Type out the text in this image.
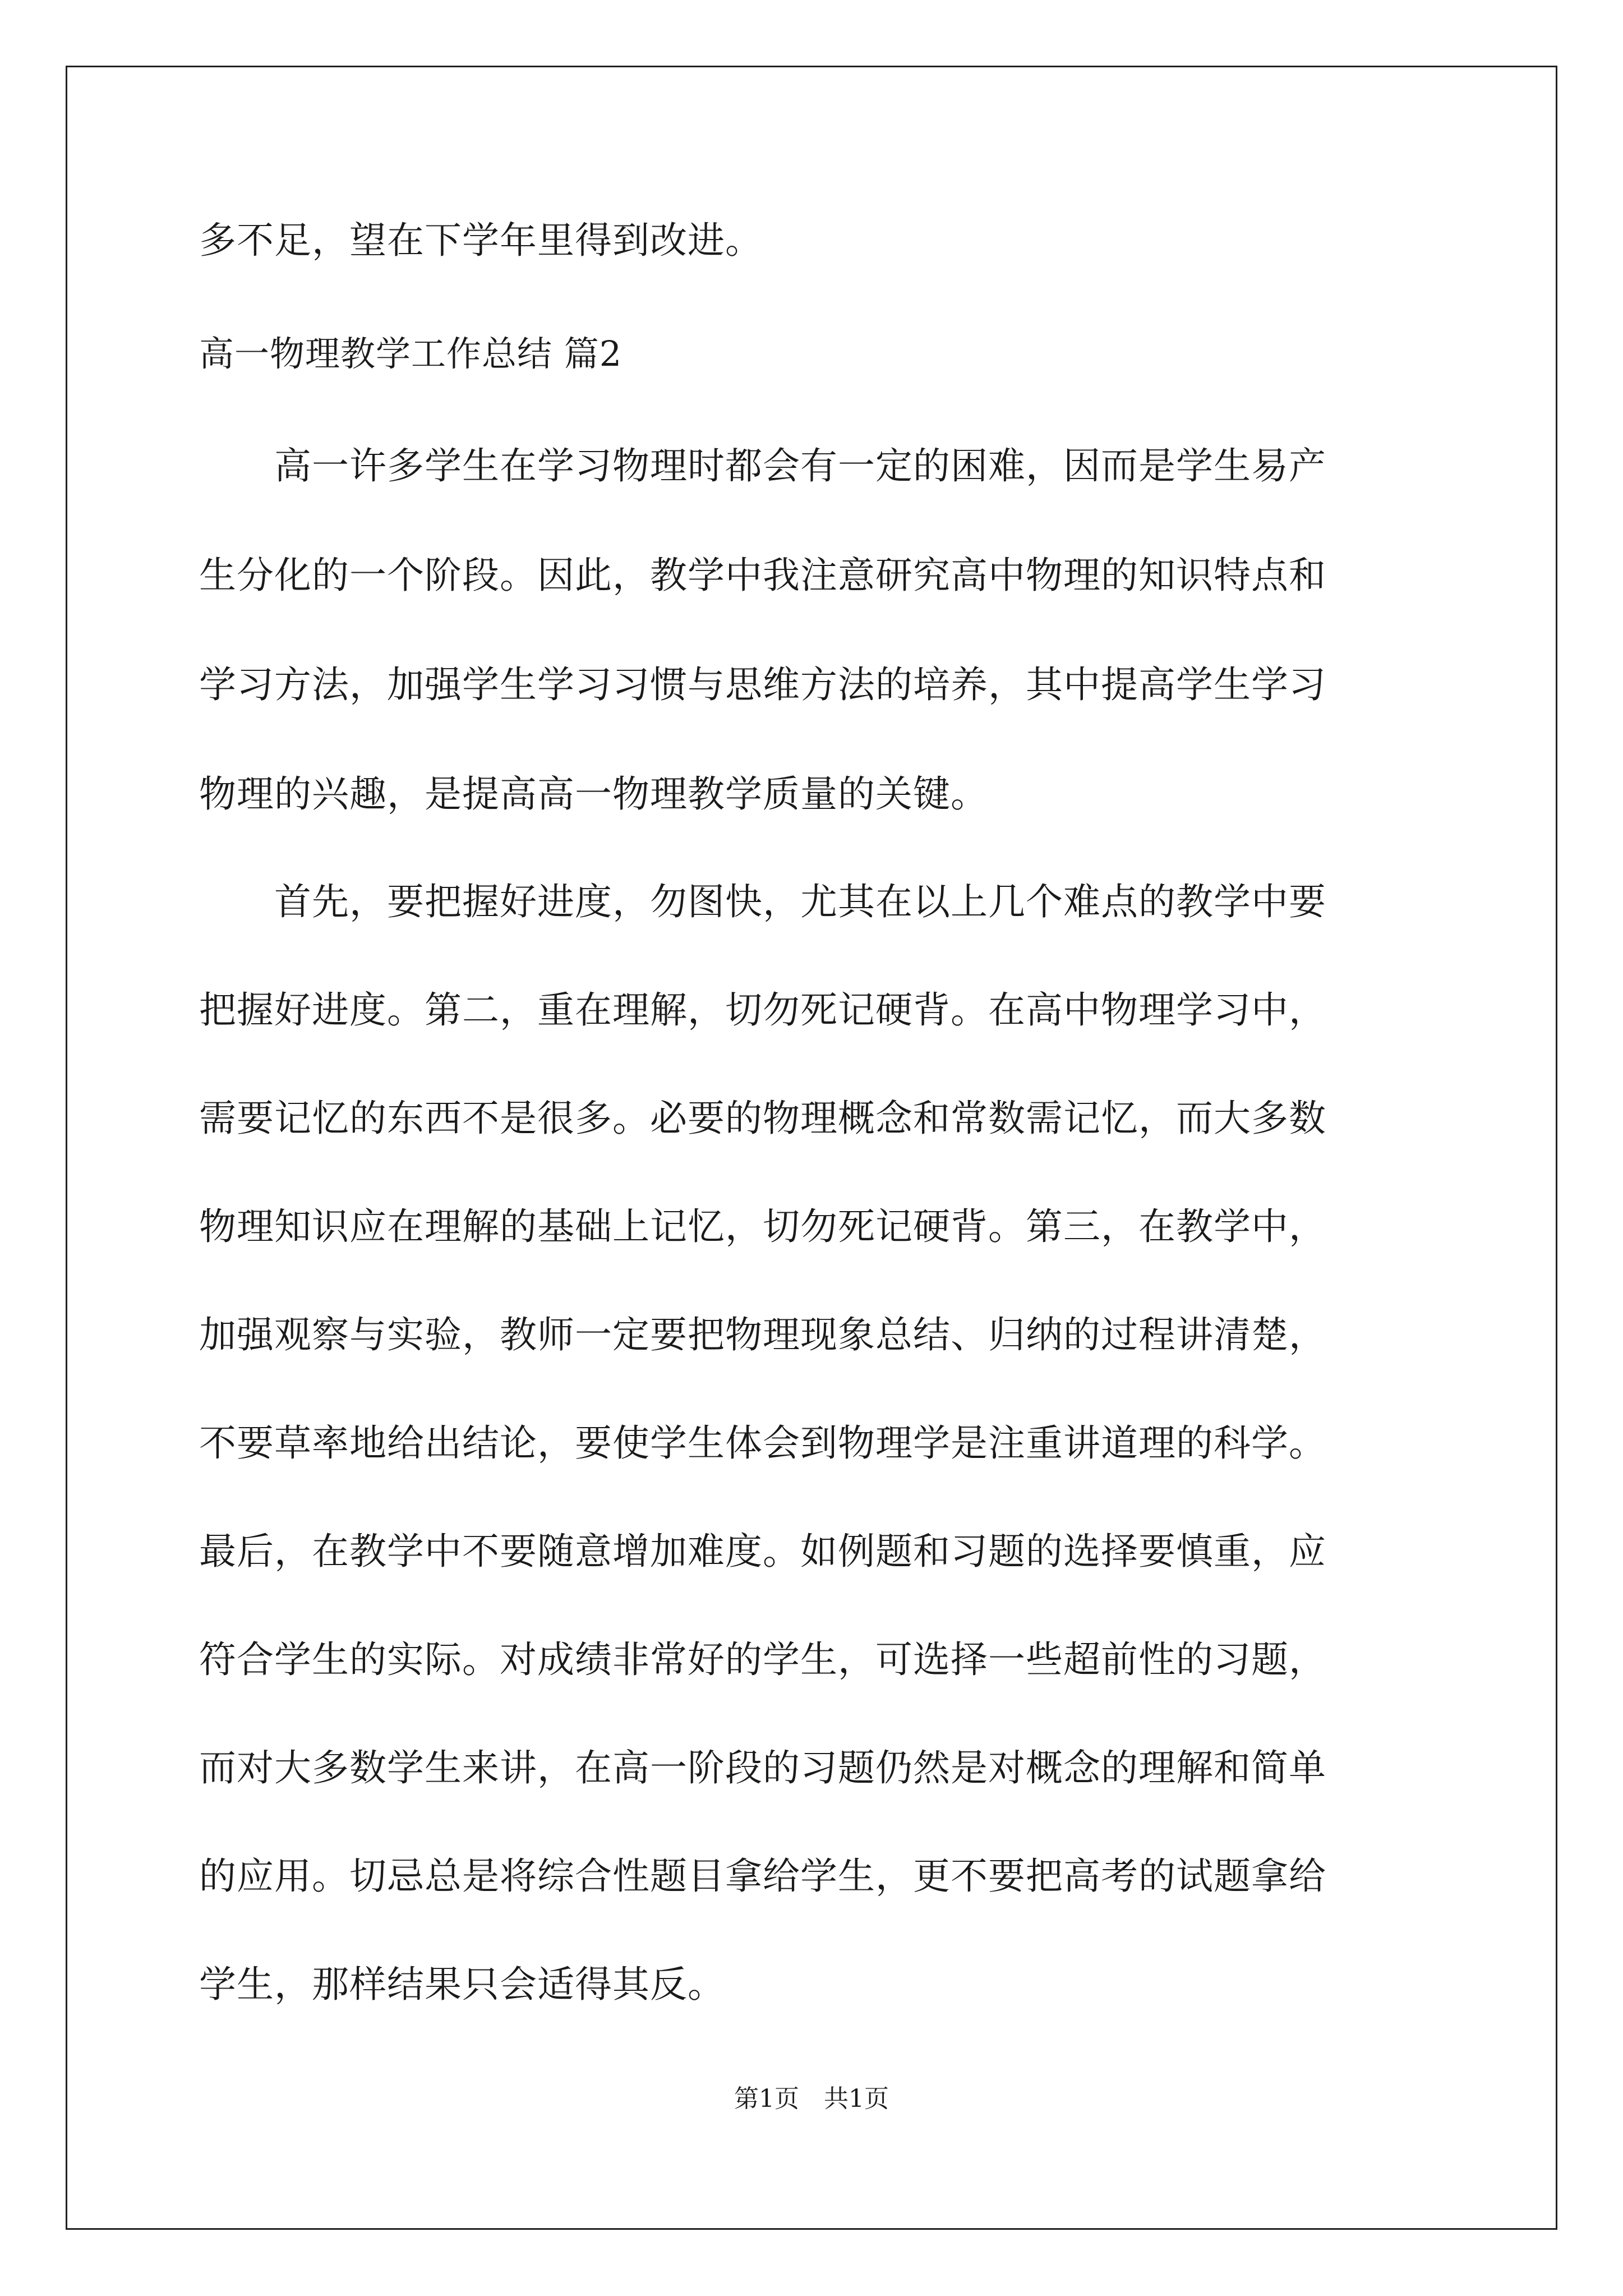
多不足，望在下学年里得到改进。
高一物理教学工作总结 篇2
　　高一许多学生在学习物理时都会有一定的困难，因而是学生易产
生分化的一个阶段。因此，教学中我注意研究高中物理的知识特点和
学习方法，加强学生学习习惯与思维方法的培养，其中提高学生学习
物理的兴趣，是提高高一物理教学质量的关键。
　　首先，要把握好进度，勿图快，尤其在以上几个难点的教学中要
把握好进度。第二，重在理解，切勿死记硬背。在高中物理学习中，
需要记忆的东西不是很多。必要的物理概念和常数需记忆，而大多数
物理知识应在理解的基础上记忆，切勿死记硬背。第三，在教学中，
加强观察与实验，教师一定要把物理现象总结、归纳的过程讲清楚，
不要草率地给出结论，要使学生体会到物理学是注重讲道理的科学。
最后，在教学中不要随意增加难度。如例题和习题的选择要慎重，应
符合学生的实际。对成绩非常好的学生，可选择一些超前性的习题，
而对大多数学生来讲，在高一阶段的习题仍然是对概念的理解和简单
的应用。切忌总是将综合性题目拿给学生，更不要把高考的试题拿给
学生，那样结果只会适得其反。
第1页　共1页
